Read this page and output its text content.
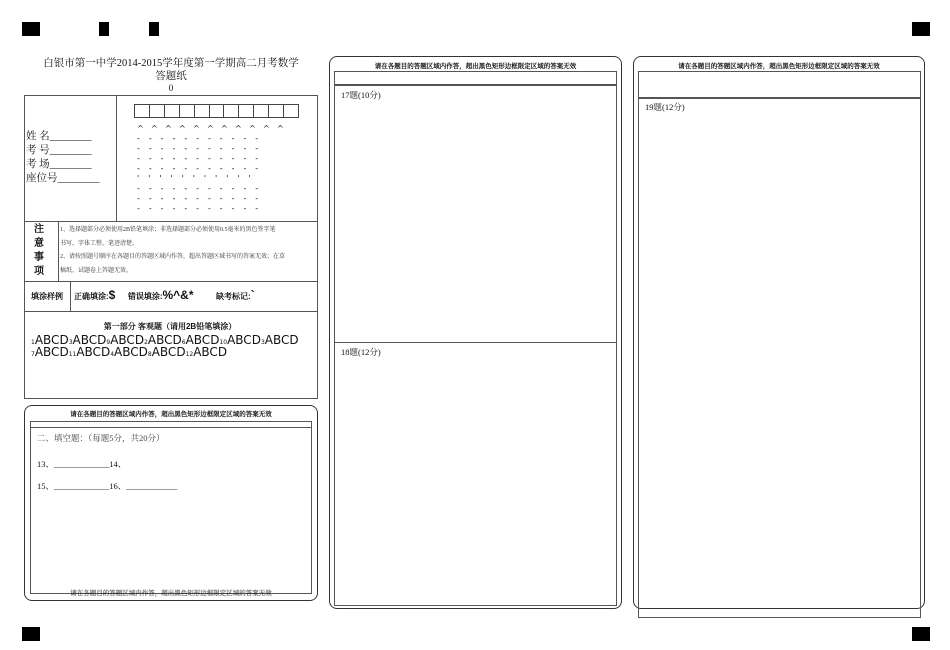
白银市第一中学2014-2015学年度第一学期高二月考数学
答题纸
0
姓 名________
考 号________
考 场________
座位号________
^^^^^^^^^^^
- - - - - - - - - - -
- - - - - - - - - - -
- - - - - - - - - - -
- - - - - - - - - - -
' ' ' ' ' ' ' ' ' ' '
- - - - - - - - - - -
- - - - - - - - - - -
- - - - - - - - - - -
注
意
事
项
1、选择题部分必须使用2B铅笔填涂；非选择题部分必须使用0.5毫米的黑色签字笔
书写，字体工整、笔迹清楚。
2、请按照题号顺序在各题目的答题区域内作答，超出答题区域书写的答案无效；在草
稿纸、试题卷上答题无效。
填涂样例 正确填涂:$ 错误填涂:%^&*	缺考标记:`
第一部分 客观题（请用2B铅笔填涂）
1ABCD3ABCD9ABCD2ABCD6ABCD10ABCD3ABCD
7ABCD11ABCD4ABCD8ABCD12ABCD
请在各题目的答题区域内作答，超出黑色矩形边框限定区域的答案无效
二、填空题：（每题5分，共20分）
13、_____________14、
15、_____________16、____________
请在各题目的答题区域内作答，超出黑色矩形边框限定区域的答案无效
请在各题目的答题区域内作答，超出黑色矩形边框限定区域的答案无效
17题(10分)
18题(12分)
请在各题目的答题区域内作答，超出黑色矩形边框限定区域的答案无效
19题(12分)
